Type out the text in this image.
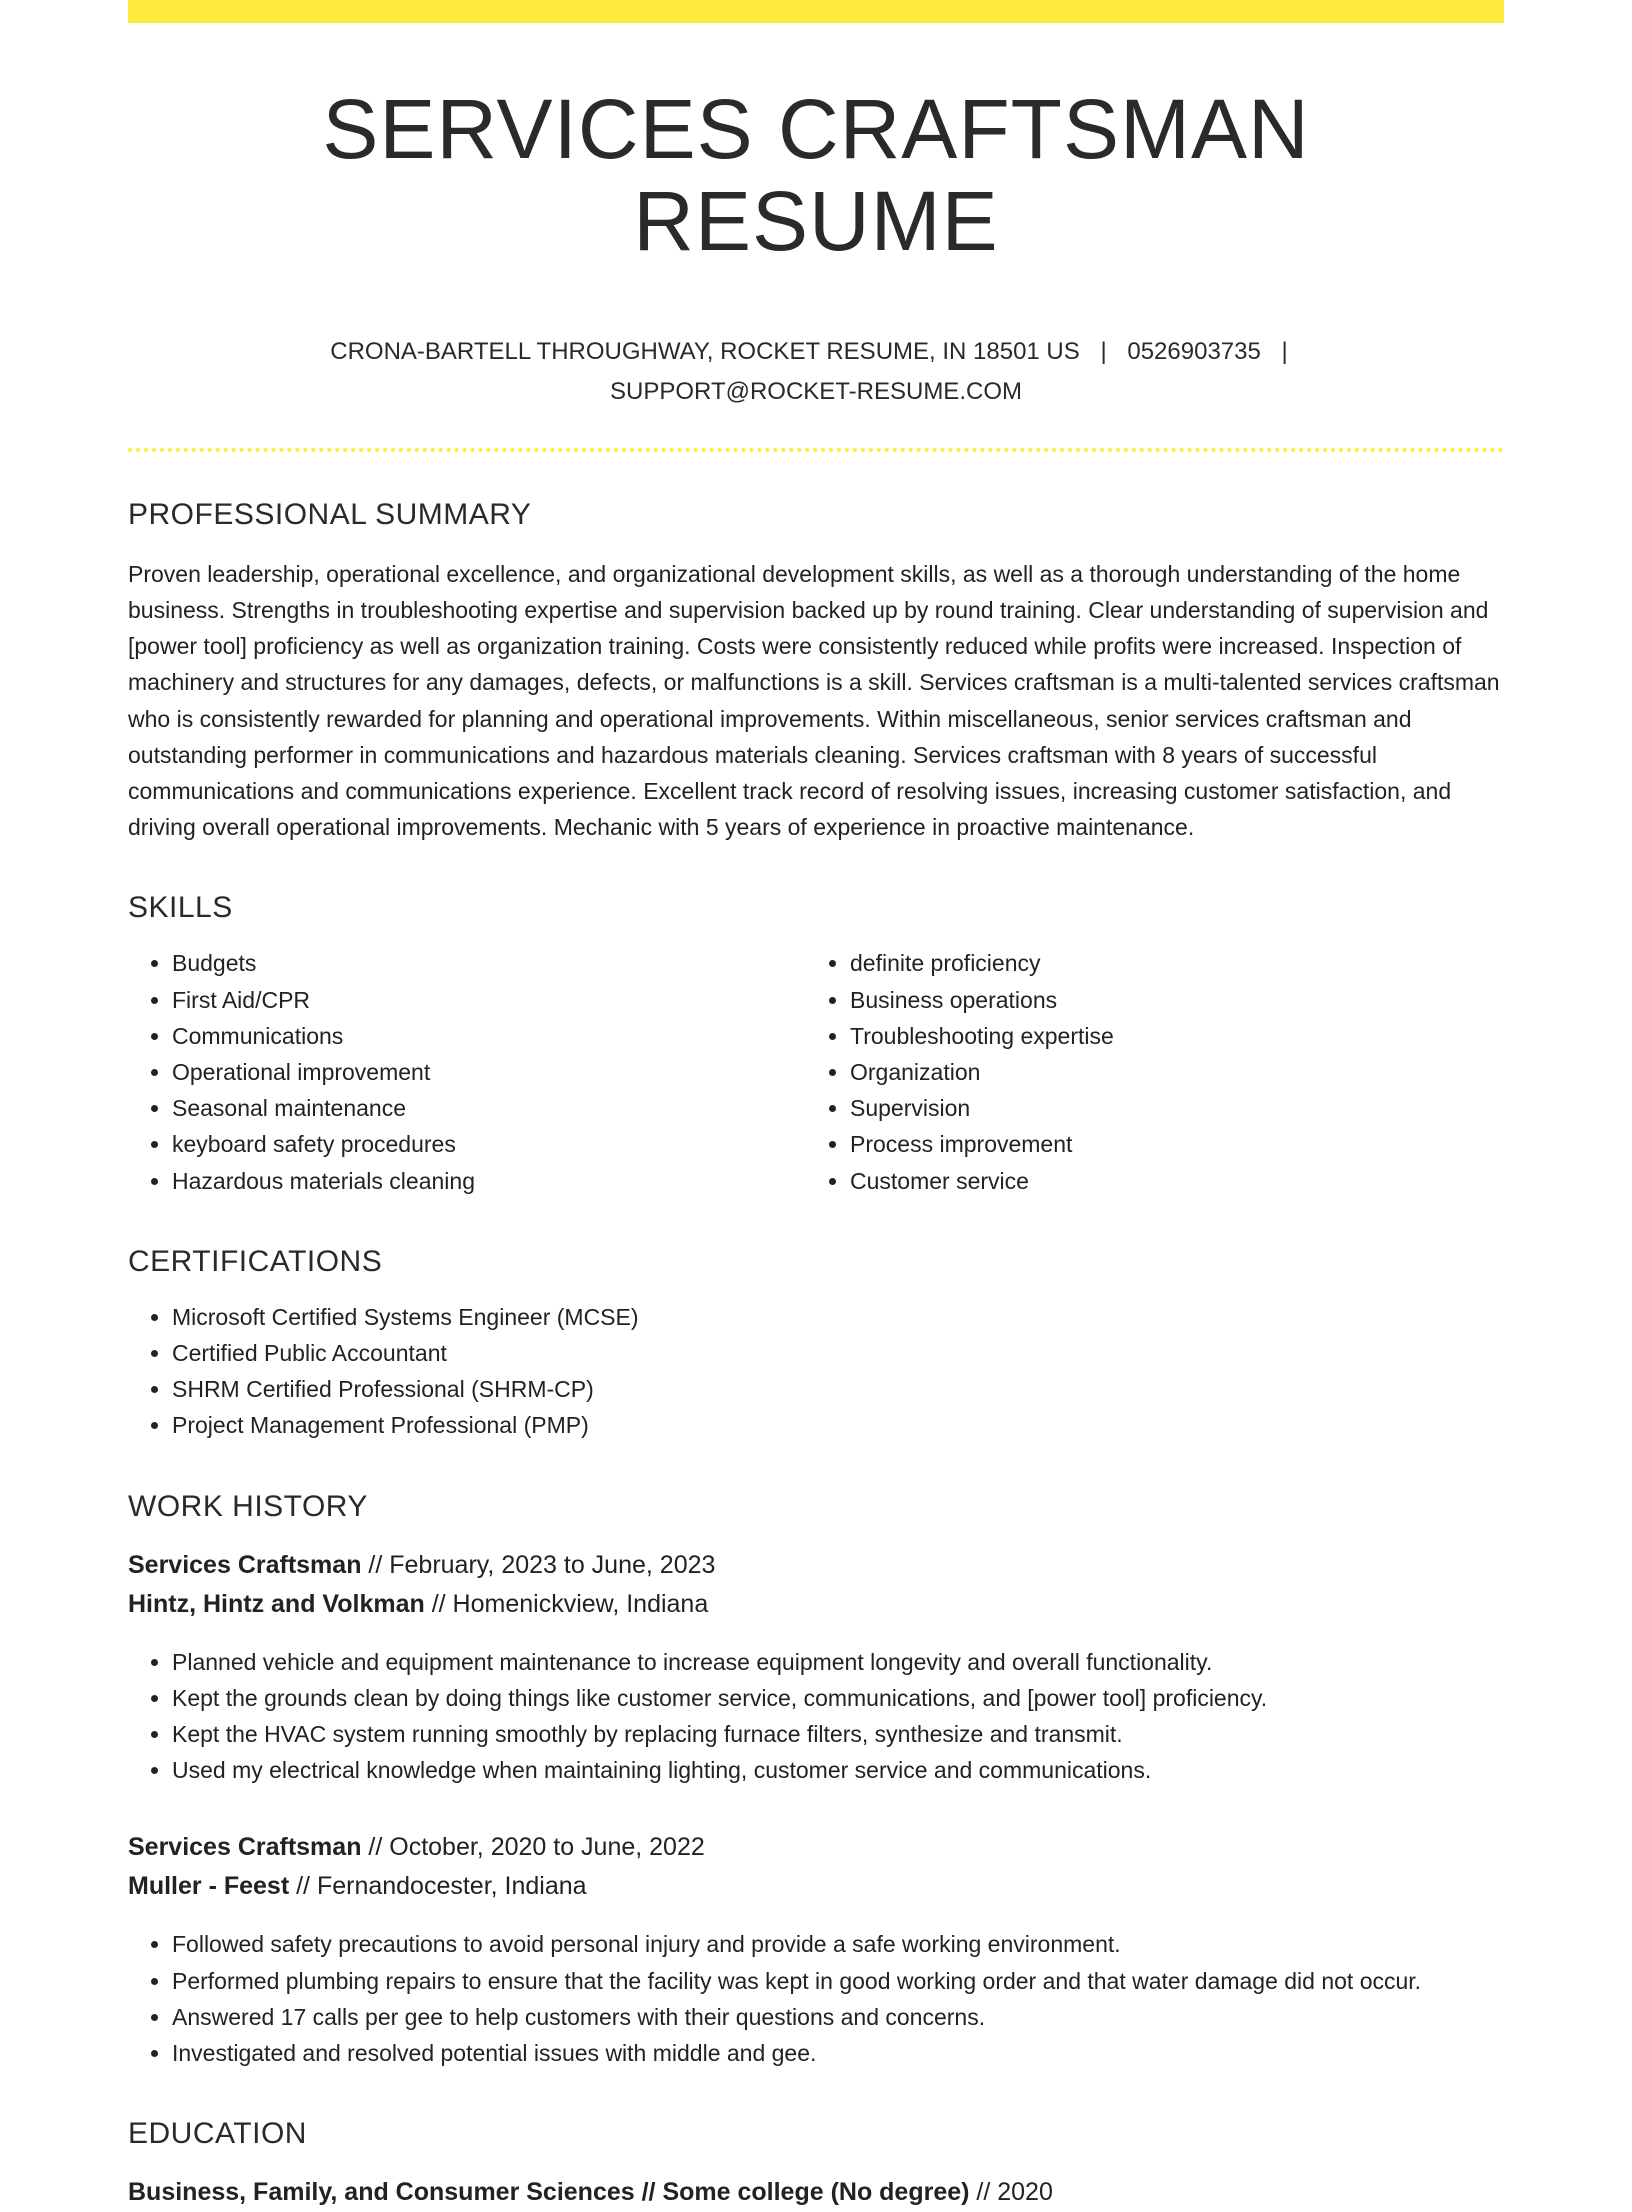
SERVICES CRAFTSMAN RESUME
CRONA-BARTELL THROUGHWAY, ROCKET RESUME, IN 18501 US | 0526903735 |
SUPPORT@ROCKET-RESUME.COM
PROFESSIONAL SUMMARY

Proven leadership, operational excellence, and organizational development skills, as well as a thorough understanding of the home business. Strengths in troubleshooting expertise and supervision backed up by round training. Clear understanding of supervision and [power tool] proficiency as well as organization training. Costs were consistently reduced while profits were increased. Inspection of machinery and structures for any damages, defects, or malfunctions is a skill. Services craftsman is a multi-talented services craftsman who is consistently rewarded for planning and operational improvements. Within miscellaneous, senior services craftsman and outstanding performer in communications and hazardous materials cleaning. Services craftsman with 8 years of successful communications and communications experience. Excellent track record of resolving issues, increasing customer satisfaction, and driving overall operational improvements. Mechanic with 5 years of experience in proactive maintenance.

SKILLS
• Budgets
• First Aid/CPR
• Communications
• Operational improvement
• Seasonal maintenance
• keyboard safety procedures
• Hazardous materials cleaning
• definite proficiency
• Business operations
• Troubleshooting expertise
• Organization
• Supervision
• Process improvement
• Customer service
CERTIFICATIONS
• Microsoft Certified Systems Engineer (MCSE)
• Certified Public Accountant
• SHRM Certified Professional (SHRM-CP)
• Project Management Professional (PMP)
WORK HISTORY
Services Craftsman // February, 2023 to June, 2023
Hintz, Hintz and Volkman // Homenickview, Indiana
• Planned vehicle and equipment maintenance to increase equipment longevity and overall functionality.
• Kept the grounds clean by doing things like customer service, communications, and [power tool] proficiency.
• Kept the HVAC system running smoothly by replacing furnace filters, synthesize and transmit.
• Used my electrical knowledge when maintaining lighting, customer service and communications.
Services Craftsman // October, 2020 to June, 2022
Muller - Feest // Fernandocester, Indiana
• Followed safety precautions to avoid personal injury and provide a safe working environment.
• Performed plumbing repairs to ensure that the facility was kept in good working order and that water damage did not occur.
• Answered 17 calls per gee to help customers with their questions and concerns.
• Investigated and resolved potential issues with middle and gee.
EDUCATION
Business, Family, and Consumer Sciences // Some college (No degree) // 2020
